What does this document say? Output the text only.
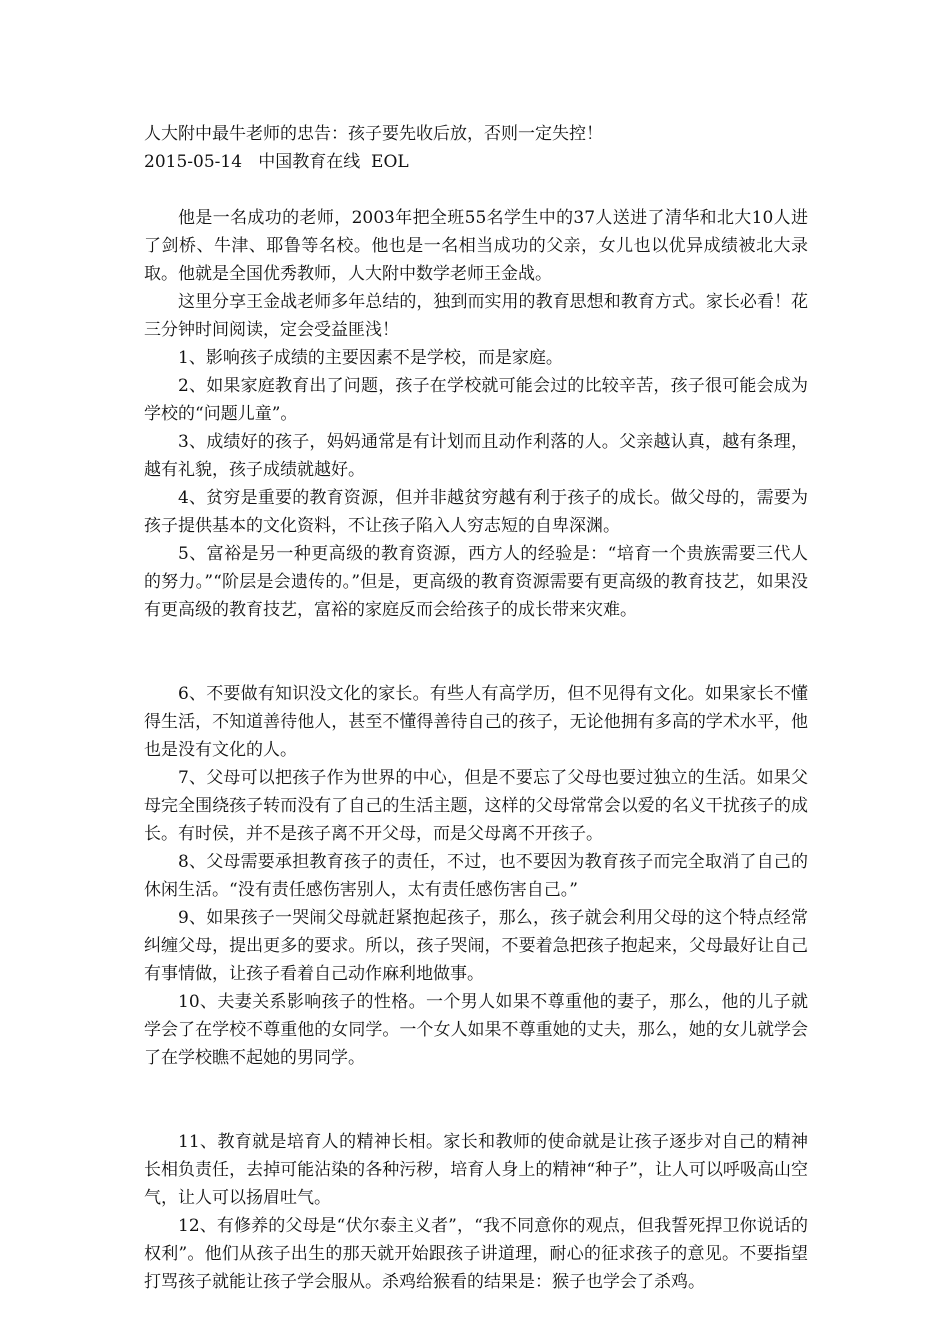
人大附中最牛老师的忠告：孩子要先收后放，否则一定失控！

2015-05-14   中国教育在线  EOL

他是一名成功的老师，2003年把全班55名学生中的37人送进了清华和北大10人进了剑桥、牛津、耶鲁等名校。他也是一名相当成功的父亲，女儿也以优异成绩被北大录取。他就是全国优秀教师，人大附中数学老师王金战。

这里分享王金战老师多年总结的，独到而实用的教育思想和教育方式。家长必看！花三分钟时间阅读，定会受益匪浅！

1、影响孩子成绩的主要因素不是学校，而是家庭。

2、如果家庭教育出了问题，孩子在学校就可能会过的比较辛苦，孩子很可能会成为学校的“问题儿童”。

3、成绩好的孩子，妈妈通常是有计划而且动作利落的人。父亲越认真，越有条理，越有礼貌，孩子成绩就越好。

4、贫穷是重要的教育资源，但并非越贫穷越有利于孩子的成长。做父母的，需要为孩子提供基本的文化资料，不让孩子陷入人穷志短的自卑深渊。

5、富裕是另一种更高级的教育资源，西方人的经验是：“培育一个贵族需要三代人的努力。”“阶层是会遗传的。”但是，更高级的教育资源需要有更高级的教育技艺，如果没有更高级的教育技艺，富裕的家庭反而会给孩子的成长带来灾难。

6、不要做有知识没文化的家长。有些人有高学历，但不见得有文化。如果家长不懂得生活，不知道善待他人，甚至不懂得善待自己的孩子，无论他拥有多高的学术水平，他也是没有文化的人。

7、父母可以把孩子作为世界的中心，但是不要忘了父母也要过独立的生活。如果父母完全围绕孩子转而没有了自己的生活主题，这样的父母常常会以爱的名义干扰孩子的成长。有时侯，并不是孩子离不开父母，而是父母离不开孩子。

8、父母需要承担教育孩子的责任，不过，也不要因为教育孩子而完全取消了自己的休闲生活。“没有责任感伤害别人，太有责任感伤害自己。”

9、如果孩子一哭闹父母就赶紧抱起孩子，那么，孩子就会利用父母的这个特点经常纠缠父母，提出更多的要求。所以，孩子哭闹，不要着急把孩子抱起来，父母最好让自己有事情做，让孩子看着自己动作麻利地做事。

10、夫妻关系影响孩子的性格。一个男人如果不尊重他的妻子，那么，他的儿子就学会了在学校不尊重他的女同学。一个女人如果不尊重她的丈夫，那么，她的女儿就学会了在学校瞧不起她的男同学。

11、教育就是培育人的精神长相。家长和教师的使命就是让孩子逐步对自己的精神长相负责任，去掉可能沾染的各种污秽，培育人身上的精神“种子”，让人可以呼吸高山空气，让人可以扬眉吐气。

12、有修养的父母是“伏尔泰主义者”，“我不同意你的观点，但我誓死捍卫你说话的权利”。他们从孩子出生的那天就开始跟孩子讲道理，耐心的征求孩子的意见。不要指望打骂孩子就能让孩子学会服从。杀鸡给猴看的结果是：猴子也学会了杀鸡。
